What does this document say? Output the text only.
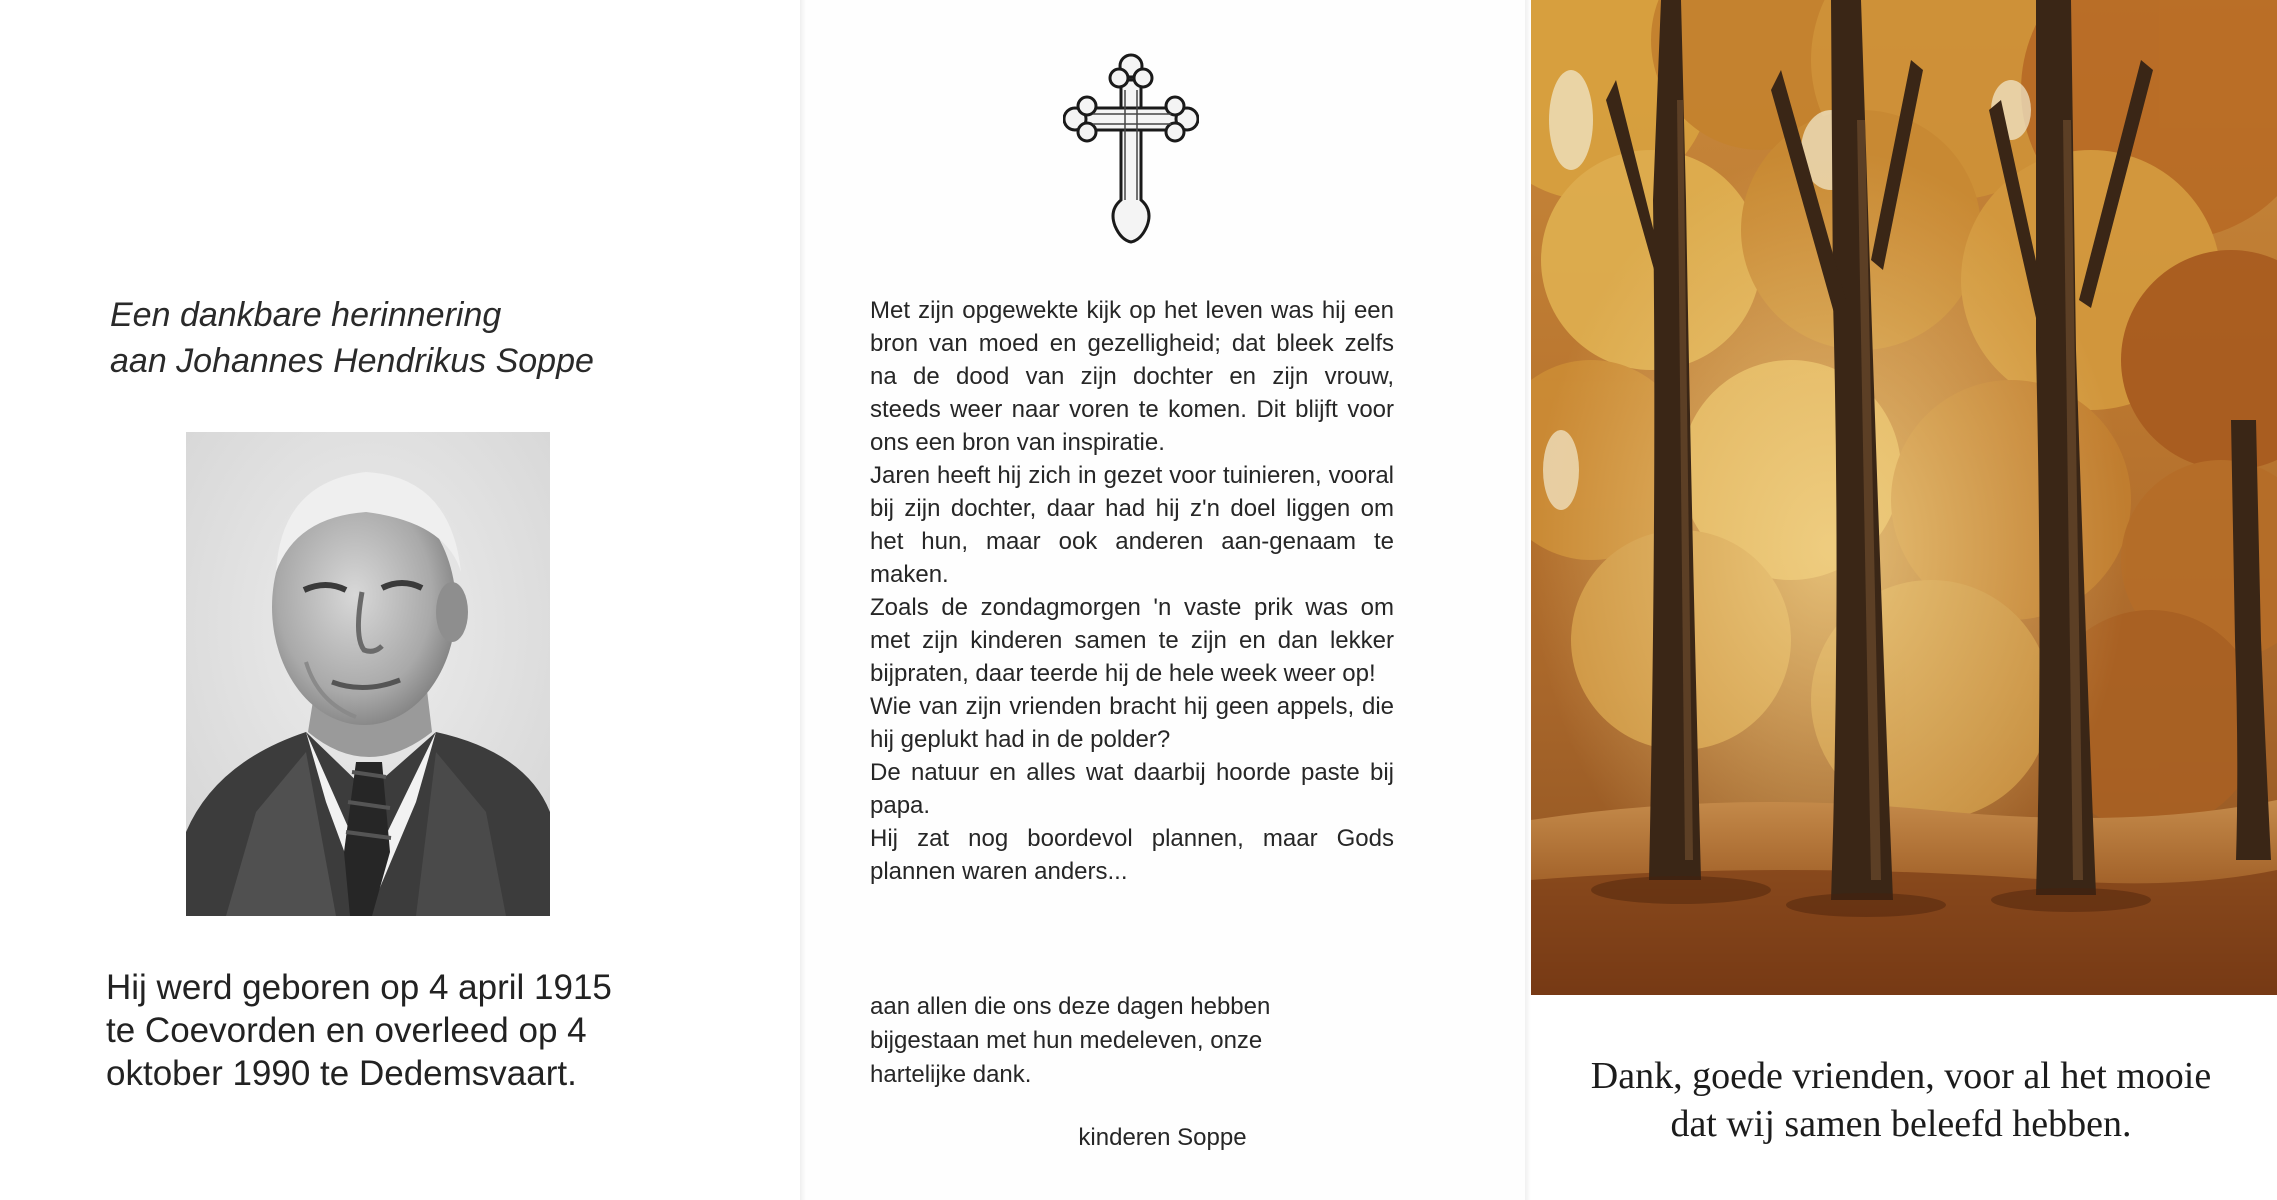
Een dankbare herinnering
aan Johannes Hendrikus Soppe

Hij werd geboren op 4 april 1915
te Coevorden en overleed op 4
oktober 1990 te Dedemsvaart.

Met zijn opgewekte kijk op het leven was hij een bron van moed en gezelligheid; dat bleek zelfs na de dood van zijn dochter en zijn vrouw, steeds weer naar voren te komen. Dit blijft voor ons een bron van inspiratie.

Jaren heeft hij zich in gezet voor tuinieren, vooral bij zijn dochter, daar had hij z'n doel liggen om het hun, maar ook anderen aan-genaam te maken.

Zoals de zondagmorgen 'n vaste prik was om met zijn kinderen samen te zijn en dan lekker bijpraten, daar teerde hij de hele week weer op!

Wie van zijn vrienden bracht hij geen appels, die hij geplukt had in de polder?

De natuur en alles wat daarbij hoorde paste bij papa.

Hij zat nog boordevol plannen, maar Gods plannen waren anders...

aan allen die ons deze dagen hebben
bijgestaan met hun medeleven, onze
hartelijke dank.

kinderen Soppe

Dank, goede vrienden, voor al het mooie
dat wij samen beleefd hebben.
